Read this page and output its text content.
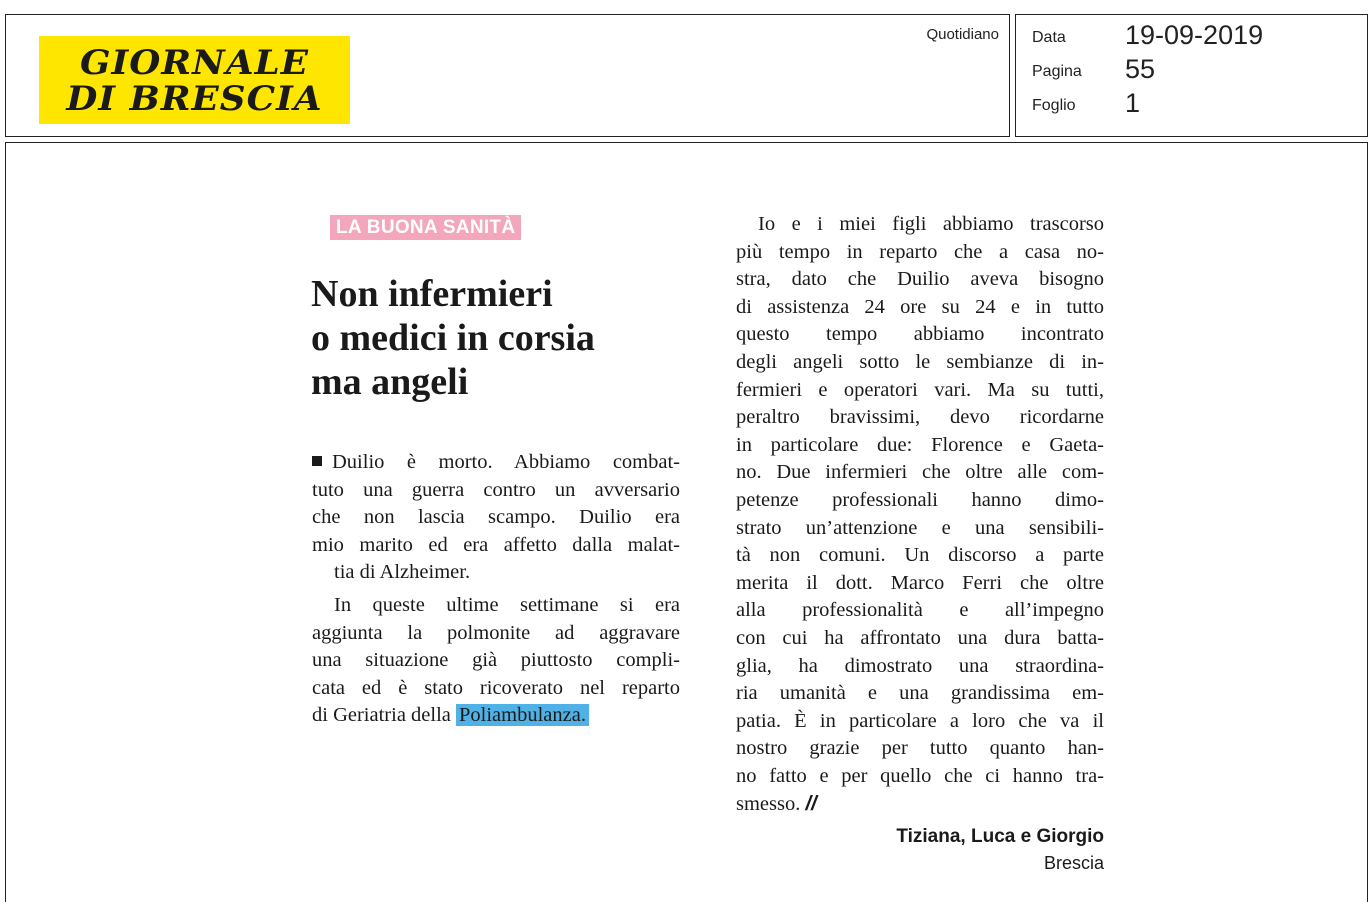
GIORNALE
DI BRESCIA
Quotidiano Data 19-09-2019
Pagina 55
Foglio 1
LA BUONA SANITÀ
Non infermieri
o medici in corsia
ma angeli
Duilio è morto. Abbiamo combat-
tuto una guerra contro un avversario
che non lascia scampo. Duilio era
mio marito ed era affetto dalla malat-
tia di Alzheimer.
In queste ultime settimane si era
aggiunta la polmonite ad aggravare
una situazione già piuttosto compli-
cata ed è stato ricoverato nel reparto
di Geriatria della Poliambulanza.
Io e i miei figli abbiamo trascorso
più tempo in reparto che a casa no-
stra, dato che Duilio aveva bisogno
di assistenza 24 ore su 24 e in tutto
questo tempo abbiamo incontrato
degli angeli sotto le sembianze di in-
fermieri e operatori vari. Ma su tutti,
peraltro bravissimi, devo ricordarne
in particolare due: Florence e Gaeta-
no. Due infermieri che oltre alle com-
petenze professionali hanno dimo-
strato un’attenzione e una sensibili-
tà non comuni. Un discorso a parte
merita il dott. Marco Ferri che oltre
alla professionalità e all’impegno
con cui ha affrontato una dura batta-
glia, ha dimostrato una straordina-
ria umanità e una grandissima em-
patia. È in particolare a loro che va il
nostro grazie per tutto quanto han-
no fatto e per quello che ci hanno tra-
smesso. //
Tiziana, Luca e Giorgio
Brescia
